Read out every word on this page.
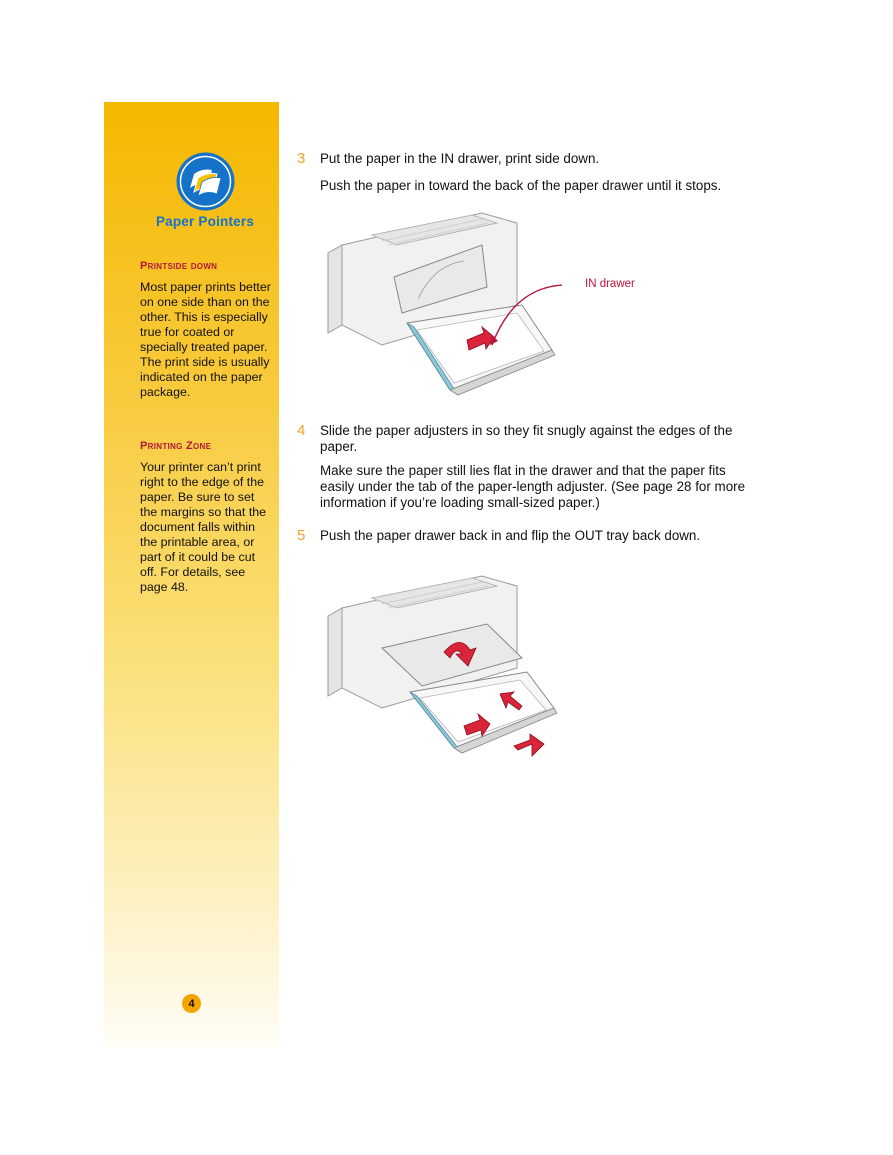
Paper Pointers
Printside down
Most paper prints better on one side than on the other. This is especially true for coated or specially treated paper. The print side is usually indicated on the paper package.
Printing Zone
Your printer can’t print right to the edge of the paper. Be sure to set the margins so that the document falls within the printable area, or part of it could be cut off. For details, see page 48.
4
3	Put the paper in the IN drawer, print side down.
Push the paper in toward the back of the paper drawer until it stops.
IN drawer
4	Slide the paper adjusters in so they fit snugly against the edges of the paper.
Make sure the paper still lies flat in the drawer and that the paper fits easily under the tab of the paper-length adjuster. (See page 28 for more information if you’re loading small-sized paper.)
5	Push the paper drawer back in and flip the OUT tray back down.
